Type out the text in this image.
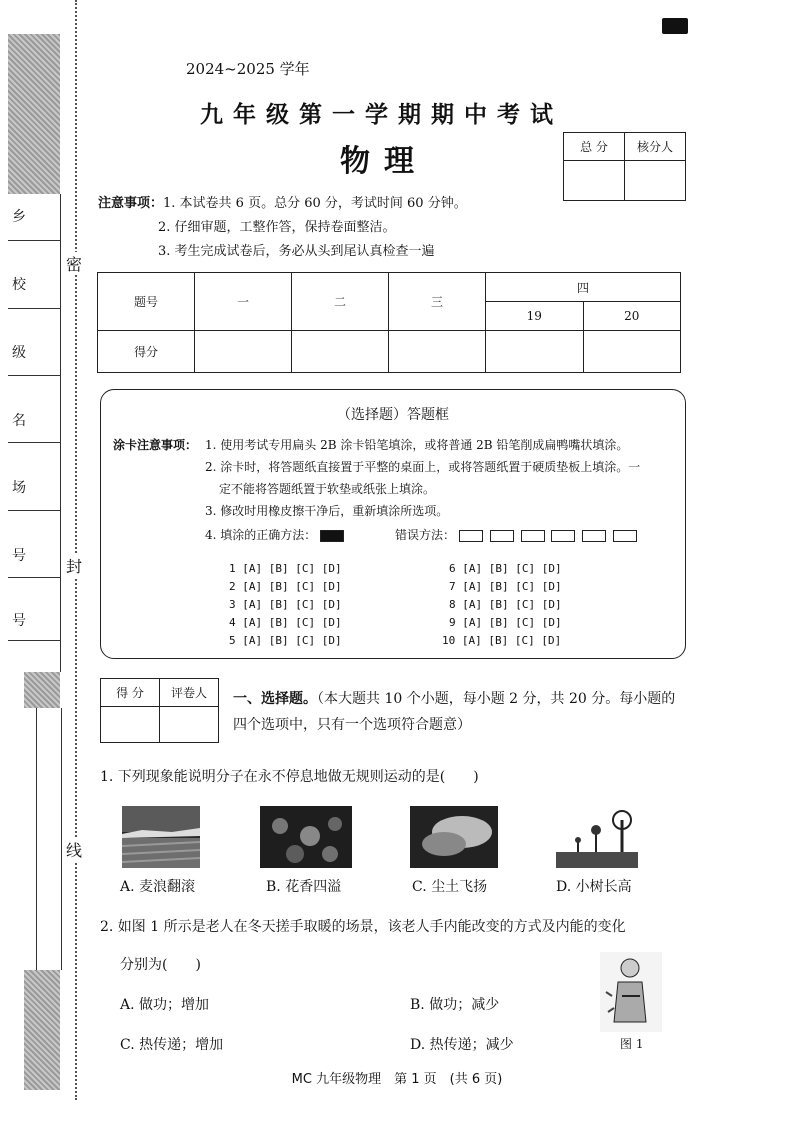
乡
校
级
名
场
号
号
密
封
线
2024~2025 学年
九年级第一学期期中考试
物理	总 分	核分人

注意事项：1. 本试卷共 6 页。总分 60 分，考试时间 60 分钟。
2. 仔细审题，工整作答，保持卷面整洁。
3. 考生完成试卷后，务必从头到尾认真检查一遍
题号	一	二	三	四	
				19	20
得分					
（选择题）答题框
涂卡注意事项： 1. 使用考试专用扁头 2B 涂卡铅笔填涂，或将普通 2B 铅笔削成扁鸭嘴状填涂。
2. 涂卡时，将答题纸直接置于平整的桌面上，或将答题纸置于硬质垫板上填涂。一
定不能将答题纸置于软垫或纸张上填涂。
3. 修改时用橡皮擦干净后，重新填涂所选项。
4. 填涂的正确方法：	错误方法：
1 [A] [B] [C] [D]
2 [A] [B] [C] [D]
3 [A] [B] [C] [D]
4 [A] [B] [C] [D]
5 [A] [B] [C] [D]
6 [A] [B] [C] [D]
7 [A] [B] [C] [D]
8 [A] [B] [C] [D]
9 [A] [B] [C] [D]
10 [A] [B] [C] [D]
得 分	评卷人
	一、选择题。（本大题共 10 个小题，每小题 2 分，共 20 分。每小题的四个选项中，只有一个选项符合题意）
1. 下列现象能说明分子在永不停息地做无规则运动的是(　　)
A. 麦浪翻滚	B. 花香四溢	C. 尘土飞扬	D. 小树长高
2. 如图 1 所示是老人在冬天搓手取暖的场景，该老人手内能改变的方式及内能的变化
分别为(　　)
图 1
A. 做功；增加	B. 做功；减少
C. 热传递；增加	D. 热传递；减少
MC 九年级物理　第 1 页　(共 6 页)
